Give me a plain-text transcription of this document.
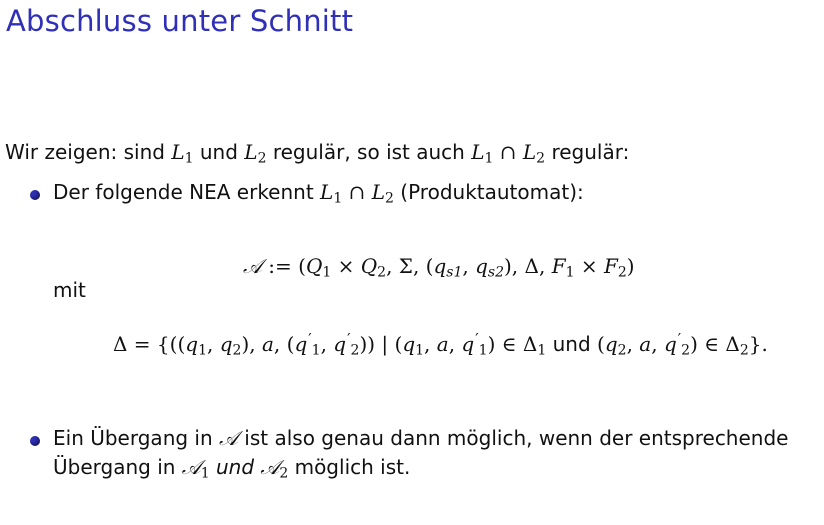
Abschluss unter Schnitt
Wir zeigen: sind $L_1$ und $L_2$ regulär, so ist auch $L_1$ ∩ $L_2$ regulär:
Der folgende NEA erkennt $L_1$ ∩ $L_2$ (Produktautomat):
𝒜 := ($Q_1 \times Q_2$, Σ, ($q_{s1}$, $q_{s2}$), Δ, $F_1 \times F_2$)
mit
$\Delta = \{((q_1$, $q_2$), a, ($q'_1$, $q'_2$)) | ($q_1$, a, $q'_1$) ∈ $\Delta_1$ und ($q_2$, a, $q'_2$) ∈ $\Delta_2$}.
Ein Übergang in 𝒜 ist also genau dann möglich, wenn der entsprechende
Übergang in 𝒜$_1$ und 𝒜$_2$ möglich ist.
